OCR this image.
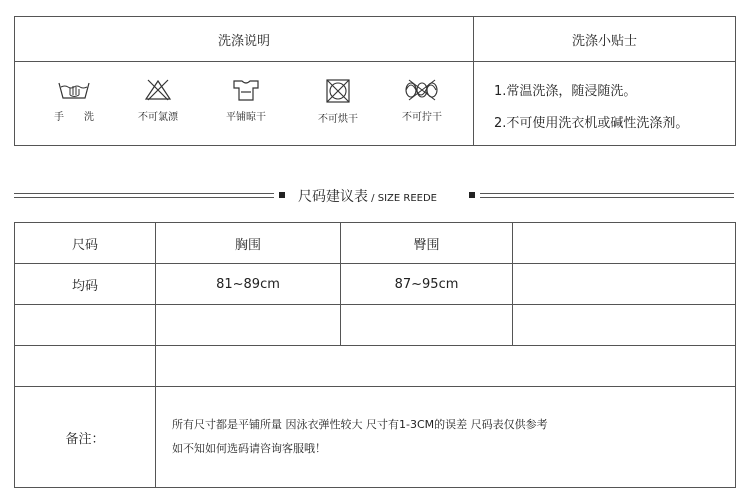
洗涤说明	洗涤小贴士
手　　洗	不可氯漂	平铺晾干	不可烘干	不可拧干
1.常温洗涤，随浸随洗。
2.不可使用洗衣机或碱性洗涤剂。
尺码建议表 / SIZE REEDE
尺码	胸围	臀围	
均码	81~89cm	87~95cm	

备注：	所有尺寸都是平铺所量 因泳衣弹性较大 尺寸有1-3CM的误差 尺码表仅供参考
如不知如何选码请咨询客服哦！		
